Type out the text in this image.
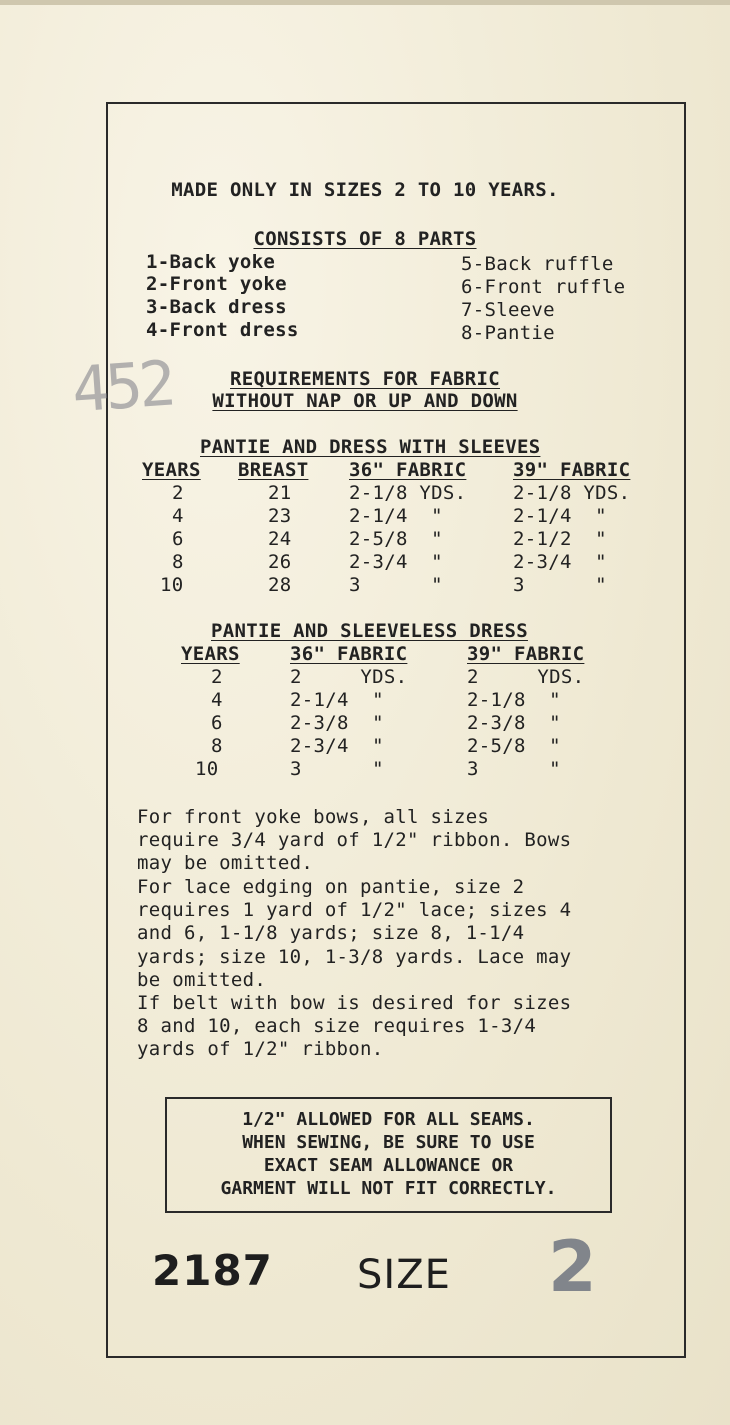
MADE ONLY IN SIZES 2 TO 10 YEARS.
CONSISTS OF 8 PARTS
1-Back yoke
2-Front yoke
3-Back dress
4-Front dress
5-Back ruffle
6-Front ruffle
7-Sleeve
8-Pantie
452	REQUIREMENTS FOR FABRIC
WITHOUT NAP OR UP AND DOWN
PANTIE AND DRESS WITH SLEEVES
YEARS BREAST 36" FABRIC 39" FABRIC
2	21	2-1/8 YDS. 2-1/8 YDS.
4	23	2-1/4  "	2-1/4  "
6	24	2-5/8  "	2-1/2  "
8	26	2-3/4  "	2-3/4  "
10	28	3      "	3      "
PANTIE AND SLEEVELESS DRESS
YEARS	36" FABRIC	39" FABRIC
2	2     YDS.	2     YDS.
4	2-1/4  "	2-1/8  "
6	2-3/8  "	2-3/8  "
8	2-3/4  "	2-5/8  "
10	3      "	3      "
For front yoke bows, all sizes
require 3/4 yard of 1/2" ribbon. Bows
may be omitted.
For lace edging on pantie, size 2
requires 1 yard of 1/2" lace; sizes 4
and 6, 1-1/8 yards; size 8, 1-1/4
yards; size 10, 1-3/8 yards. Lace may
be omitted.
If belt with bow is desired for sizes
8 and 10, each size requires 1-3/4
yards of 1/2" ribbon.
1/2" ALLOWED FOR ALL SEAMS.
WHEN SEWING, BE SURE TO USE
EXACT SEAM ALLOWANCE OR
GARMENT WILL NOT FIT CORRECTLY.
2187 SIZE 2
